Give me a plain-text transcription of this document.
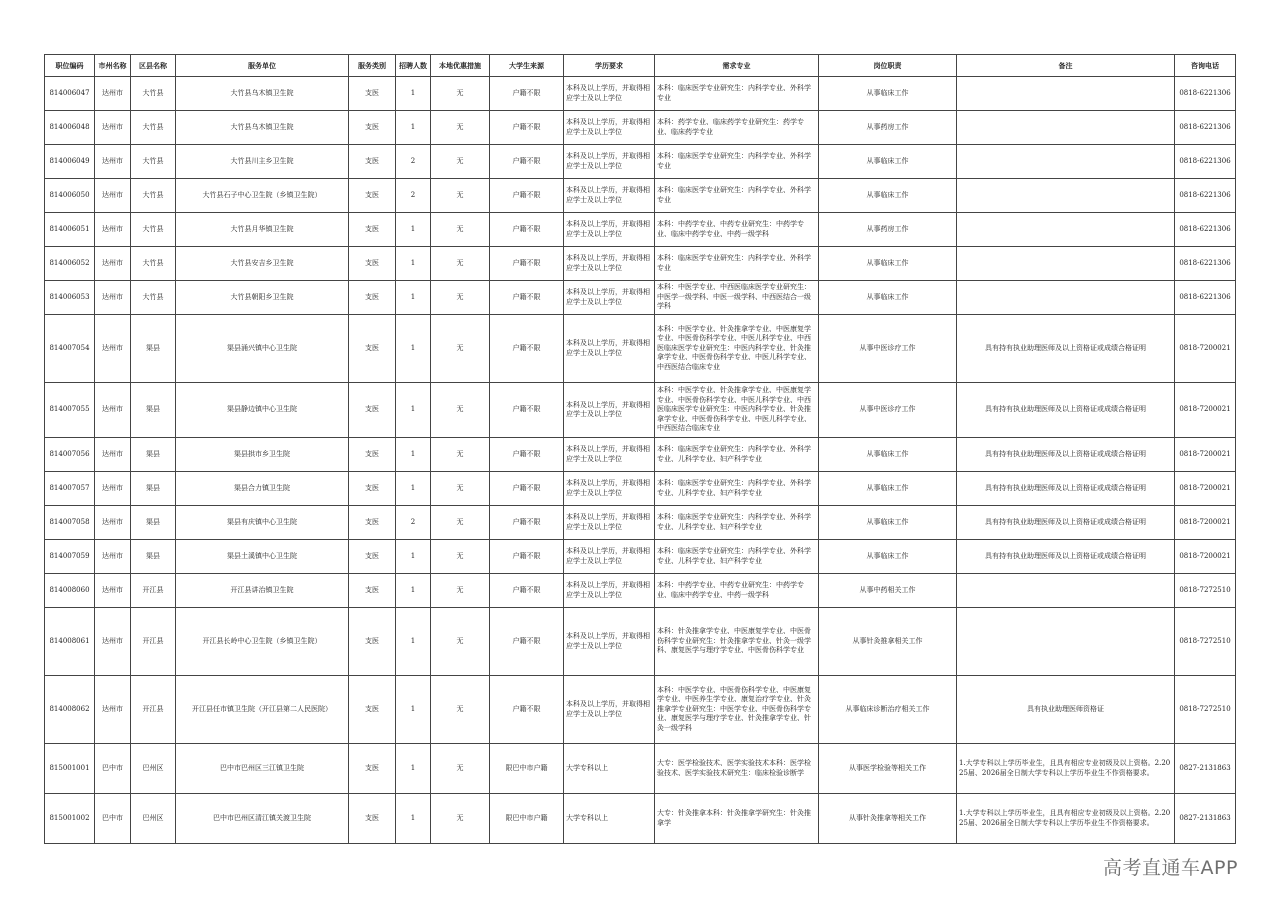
职位编码	市州名称	区县名称	服务单位	服务类别	招聘人数	本地优惠措施	大学生来源	学历要求	需求专业	岗位职责	备注	咨询电话
814006047	达州市	大竹县	大竹县乌木镇卫生院	支医	1	无	户籍不限	本科及以上学历，并取得相应学士及以上学位	本科：临床医学专业研究生：内科学专业、外科学专业	从事临床工作		0818-6221306
814006048	达州市	大竹县	大竹县乌木镇卫生院	支医	1	无	户籍不限	本科及以上学历，并取得相应学士及以上学位	本科：药学专业、临床药学专业研究生：药学专业、临床药学专业	从事药房工作		0818-6221306
814006049	达州市	大竹县	大竹县川主乡卫生院	支医	2	无	户籍不限	本科及以上学历，并取得相应学士及以上学位	本科：临床医学专业研究生：内科学专业、外科学专业	从事临床工作		0818-6221306
814006050	达州市	大竹县	大竹县石子中心卫生院（乡镇卫生院）	支医	2	无	户籍不限	本科及以上学历，并取得相应学士及以上学位	本科：临床医学专业研究生：内科学专业、外科学专业	从事临床工作		0818-6221306
814006051	达州市	大竹县	大竹县月华镇卫生院	支医	1	无	户籍不限	本科及以上学历，并取得相应学士及以上学位	本科：中药学专业、中药专业研究生：中药学专业、临床中药学专业、中药一级学科	从事药房工作		0818-6221306
814006052	达州市	大竹县	大竹县安吉乡卫生院	支医	1	无	户籍不限	本科及以上学历，并取得相应学士及以上学位	本科：临床医学专业研究生：内科学专业、外科学专业	从事临床工作		0818-6221306
814006053	达州市	大竹县	大竹县朝阳乡卫生院	支医	1	无	户籍不限	本科及以上学历，并取得相应学士及以上学位	本科：中医学专业、中西医临床医学专业研究生：中医学一级学科、中医一级学科、中西医结合一级学科	从事临床工作		0818-6221306
814007054	达州市	渠县	渠县涌兴镇中心卫生院	支医	1	无	户籍不限	本科及以上学历，并取得相应学士及以上学位	本科：中医学专业、针灸推拿学专业、中医康复学专业、中医骨伤科学专业、中医儿科学专业、中西医临床医学专业研究生：中医内科学专业、针灸推拿学专业、中医骨伤科学专业、中医儿科学专业、中西医结合临床专业	从事中医诊疗工作	具有持有执业助理医师及以上资格证或成绩合格证明	0818-7200021
814007055	达州市	渠县	渠县静边镇中心卫生院	支医	1	无	户籍不限	本科及以上学历，并取得相应学士及以上学位	本科：中医学专业、针灸推拿学专业、中医康复学专业、中医骨伤科学专业、中医儿科学专业、中西医临床医学专业研究生：中医内科学专业、针灸推拿学专业、中医骨伤科学专业、中医儿科学专业、中西医结合临床专业	从事中医诊疗工作	具有持有执业助理医师及以上资格证或成绩合格证明	0818-7200021
814007056	达州市	渠县	渠县拱市乡卫生院	支医	1	无	户籍不限	本科及以上学历，并取得相应学士及以上学位	本科：临床医学专业研究生：内科学专业、外科学专业、儿科学专业、妇产科学专业	从事临床工作	具有持有执业助理医师及以上资格证或成绩合格证明	0818-7200021
814007057	达州市	渠县	渠县合力镇卫生院	支医	1	无	户籍不限	本科及以上学历，并取得相应学士及以上学位	本科：临床医学专业研究生：内科学专业、外科学专业、儿科学专业、妇产科学专业	从事临床工作	具有持有执业助理医师及以上资格证或成绩合格证明	0818-7200021
814007058	达州市	渠县	渠县有庆镇中心卫生院	支医	2	无	户籍不限	本科及以上学历，并取得相应学士及以上学位	本科：临床医学专业研究生：内科学专业、外科学专业、儿科学专业、妇产科学专业	从事临床工作	具有持有执业助理医师及以上资格证或成绩合格证明	0818-7200021
814007059	达州市	渠县	渠县土溪镇中心卫生院	支医	1	无	户籍不限	本科及以上学历，并取得相应学士及以上学位	本科：临床医学专业研究生：内科学专业、外科学专业、儿科学专业、妇产科学专业	从事临床工作	具有持有执业助理医师及以上资格证或成绩合格证明	0818-7200021
814008060	达州市	开江县	开江县讲治镇卫生院	支医	1	无	户籍不限	本科及以上学历，并取得相应学士及以上学位	本科：中药学专业、中药专业研究生：中药学专业、临床中药学专业、中药一级学科	从事中药相关工作		0818-7272510
814008061	达州市	开江县	开江县长岭中心卫生院（乡镇卫生院）	支医	1	无	户籍不限	本科及以上学历，并取得相应学士及以上学位	本科：针灸推拿学专业、中医康复学专业、中医骨伤科学专业研究生：针灸推拿学专业、针灸一级学科、康复医学与理疗学专业、中医骨伤科学专业	从事针灸推拿相关工作		0818-7272510
814008062	达州市	开江县	开江县任市镇卫生院（开江县第二人民医院）	支医	1	无	户籍不限	本科及以上学历，并取得相应学士及以上学位	本科：中医学专业、中医骨伤科学专业、中医康复学专业、中医养生学专业、康复治疗学专业、针灸推拿学专业研究生：中医学专业、中医骨伤科学专业、康复医学与理疗学专业、针灸推拿学专业、针灸一级学科	从事临床诊断治疗相关工作	具有执业助理医师资格证	0818-7272510
815001001	巴中市	巴州区	巴中市巴州区三江镇卫生院	支医	1	无	限巴中市户籍	大学专科以上	大专：医学检验技术、医学实验技术本科：医学检验技术、医学实验技术研究生：临床检验诊断学	从事医学检验等相关工作	1.大学专科以上学历毕业生，且具有相应专业初级及以上资格。2.2025届、2026届全日制大学专科以上学历毕业生不作资格要求。	0827-2131863
815001002	巴中市	巴州区	巴中市巴州区清江镇关渡卫生院	支医	1	无	限巴中市户籍	大学专科以上	大专：针灸推拿本科：针灸推拿学研究生：针灸推拿学	从事针灸推拿等相关工作	1.大学专科以上学历毕业生，且具有相应专业初级及以上资格。2.2025届、2026届全日制大学专科以上学历毕业生不作资格要求。	0827-2131863
高考直通车APP
